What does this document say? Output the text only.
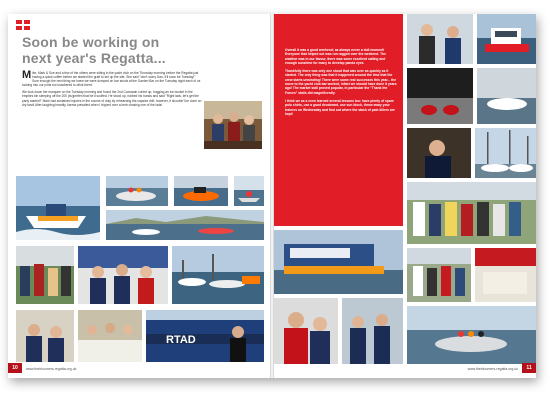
Soon be working on
next year's Regatta...
M ike, Mark & Sue and a few of the others were sitting in the yacht club on the Thursday morning before the Regatta just having a quick coffee before we started the graft to set up the site. She said "don't worry Dan, it'll soon be Tuesday!" Sure enough the next thing we knew we were dumped on bar stools at the Garden Bar on the Tuesday night each of us looking into our pints too knackered to drink them!
We took down the marquee on the Tuesday morning and found the 2nd Coxswain curled up, hugging an ice bucket in the empties bin sleeping off the 200 (bu)prefen that he'd scoffed. He stood up, rubbed his hands and said "Right lads, let's get the party started!" Mark had sustained injuries in the course of duty by rehearsing the capsize drill; however, it shouldn't be done on dry land! After laughing heartily, karma prevailed when I tripped over a kerb chasing one of the lads!
RTAD
10	www.thebloomers-regatta.org.uk

Overall it was a good weekend; as always never a dull moment! Everyone that helped out was run ragged over the weekend. The weather was in our favour, there was some excellent sailing and enough sunshine for many to develop panda eyes.

Thankfully there was only one shout that was over as quickly as it started. The only thing was that it happened around the time that the crew starts unwinding! There were some real successes this year... the move to the yacht club bar worked, infact we should have done it years ago! The market stall proved popular, in particular the "Thank the Forces" stalls did magnificently.

I think we as a crew learned several lessons too: have plenty of spare polo shirts, use a good deodorant, use sun block, throw away your trainers on Wednesday and find out where the stash of pain killers are kept!

www.thebloomers-regatta.org.uk	11
